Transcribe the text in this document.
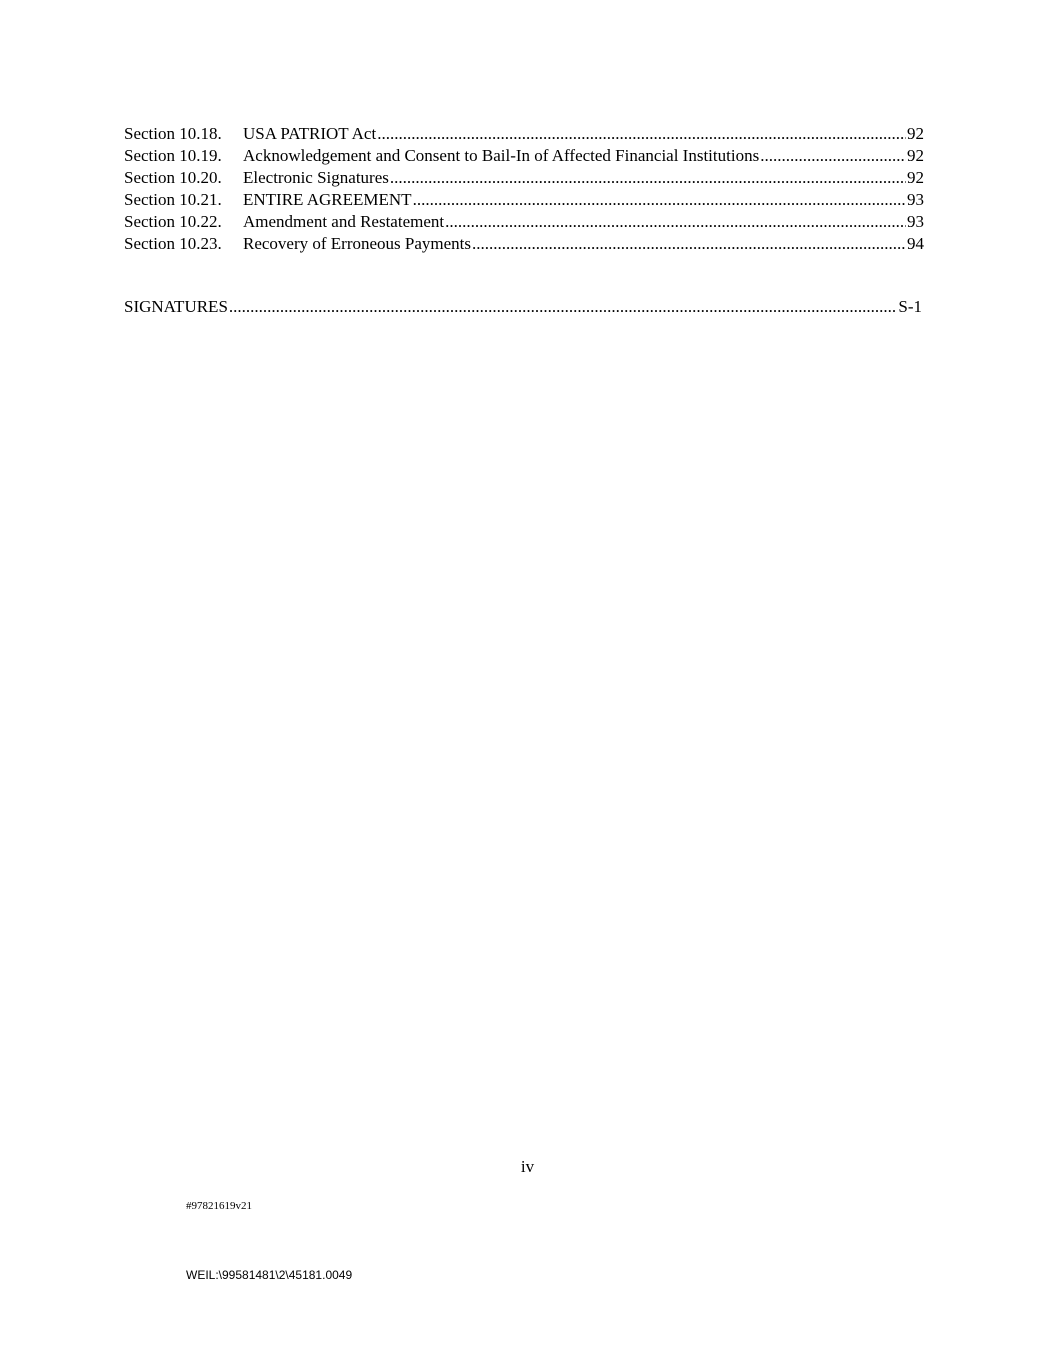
Section 10.18.	USA PATRIOT Act .....	92
Section 10.19.	Acknowledgement and Consent to Bail-In of Affected Financial Institutions .....	92
Section 10.20.	Electronic Signatures .....	92
Section 10.21.	ENTIRE AGREEMENT .....	93
Section 10.22.	Amendment and Restatement .....	93
Section 10.23.	Recovery of Erroneous Payments .....	94
SIGNATURES .....	S-1
iv
#97821619v21
WEIL:\99581481\2\45181.0049
